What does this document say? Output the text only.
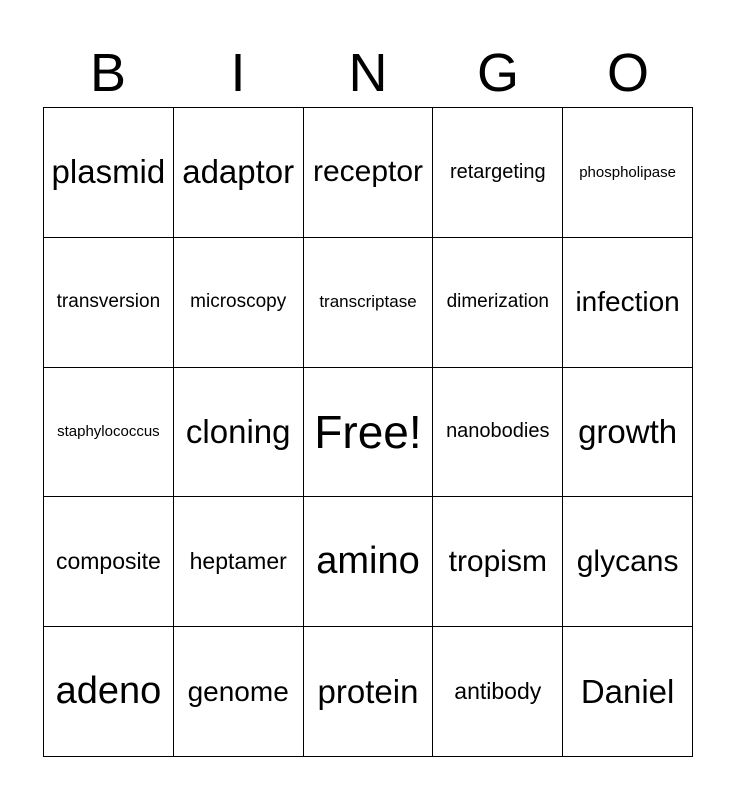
B	I	N	G	O
plasmid adaptor receptor retargeting phospholipase
transversion microscopy transcriptase dimerization infection
staphylococcus cloning Free! nanobodies growth
composite heptamer amino tropism glycans
adeno genome protein antibody Daniel
